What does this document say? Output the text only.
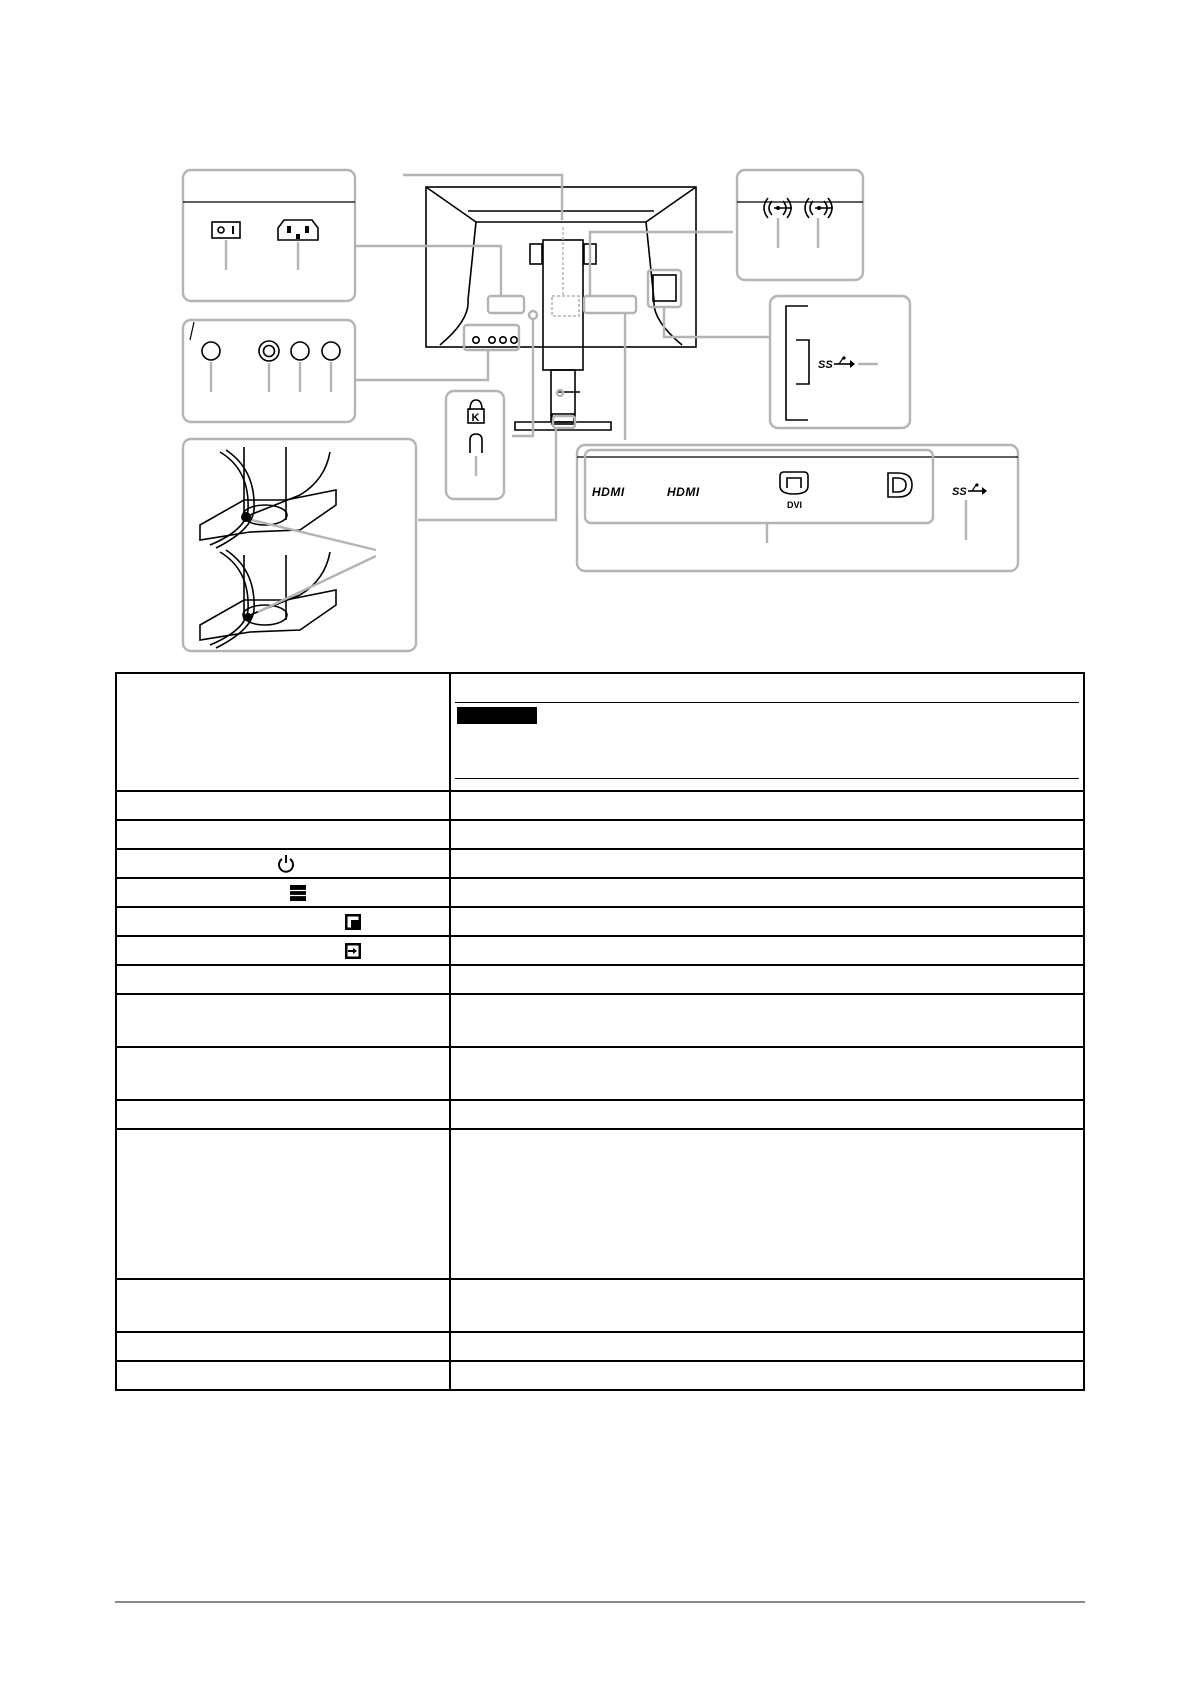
K
SS
HDMI	HDMI
DVI
SS
